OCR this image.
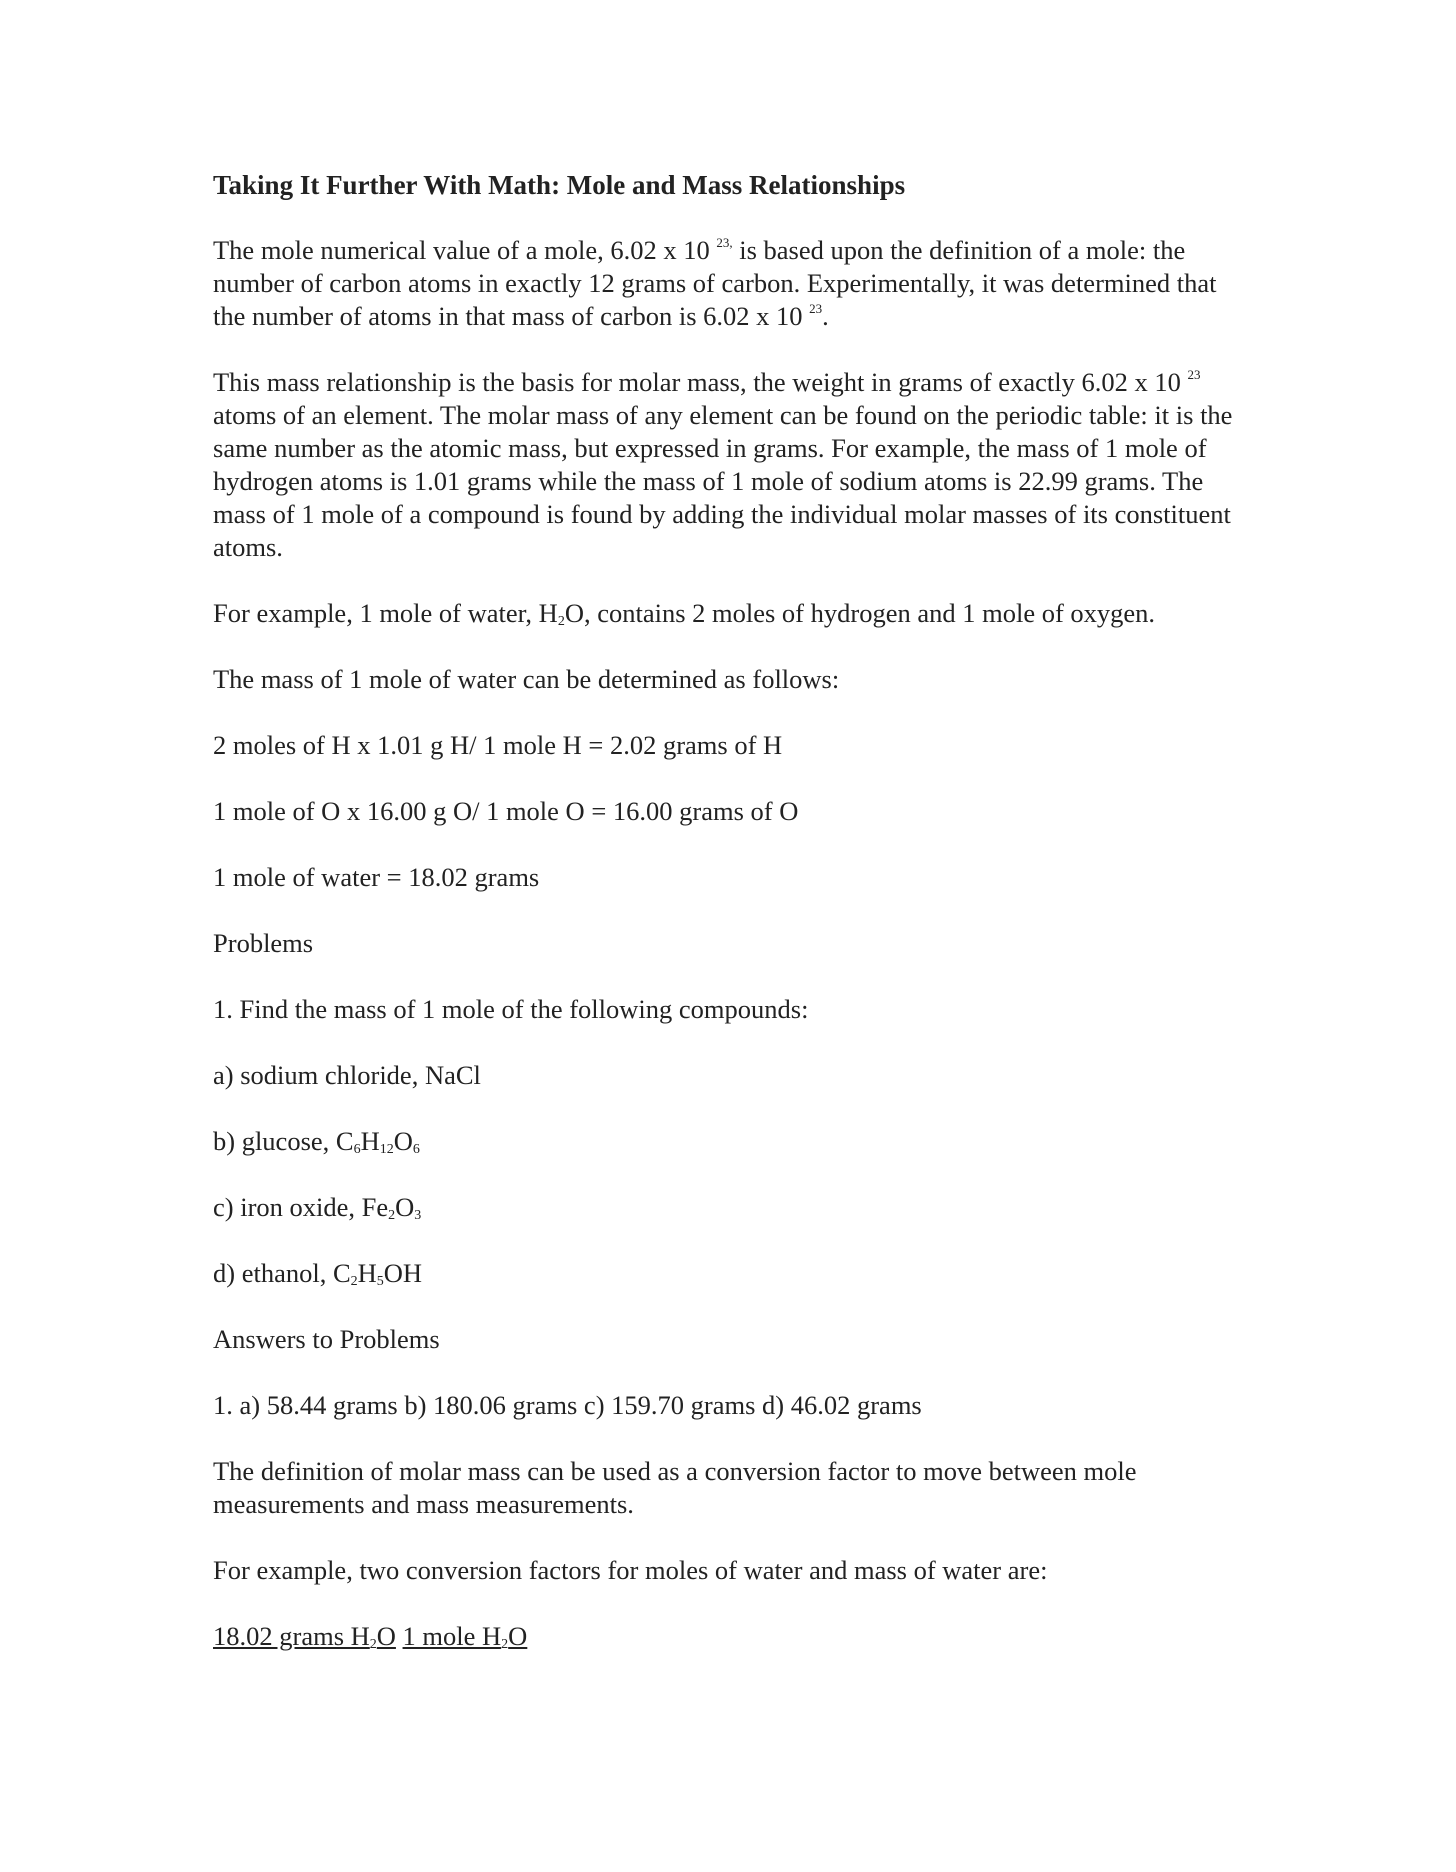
Taking It Further With Math: Mole and Mass Relationships

The mole numerical value of a mole, 6.02 x 10 $^{23,}$ is based upon the definition of a mole: the number of carbon atoms in exactly 12 grams of carbon. Experimentally, it was determined that the number of atoms in that mass of carbon is 6.02 x 10 $^{23}$.

This mass relationship is the basis for molar mass, the weight in grams of exactly 6.02 x 10 $^{23}$ atoms of an element. The molar mass of any element can be found on the periodic table: it is the same number as the atomic mass, but expressed in grams. For example, the mass of 1 mole of hydrogen atoms is 1.01 grams while the mass of 1 mole of sodium atoms is 22.99 grams. The mass of 1 mole of a compound is found by adding the individual molar masses of its constituent atoms.

For example, 1 mole of water, $H_2O$, contains 2 moles of hydrogen and 1 mole of oxygen.

The mass of 1 mole of water can be determined as follows:

2 moles of H x 1.01 g H/ 1 mole H = 2.02 grams of H

1 mole of O x 16.00 g O/ 1 mole O = 16.00 grams of O

1 mole of water = 18.02 grams

Problems

1. Find the mass of 1 mole of the following compounds:

a) sodium chloride, NaCl

b) glucose, $C_6H_{12}O_6$

c) iron oxide, $Fe_2O_3$

d) ethanol, $C_2H_5OH$

Answers to Problems

1. a) 58.44 grams b) 180.06 grams c) 159.70 grams d) 46.02 grams

The definition of molar mass can be used as a conversion factor to move between mole measurements and mass measurements.

For example, two conversion factors for moles of water and mass of water are:

18.02 grams $H_2O$ 1 mole $H_2O$
